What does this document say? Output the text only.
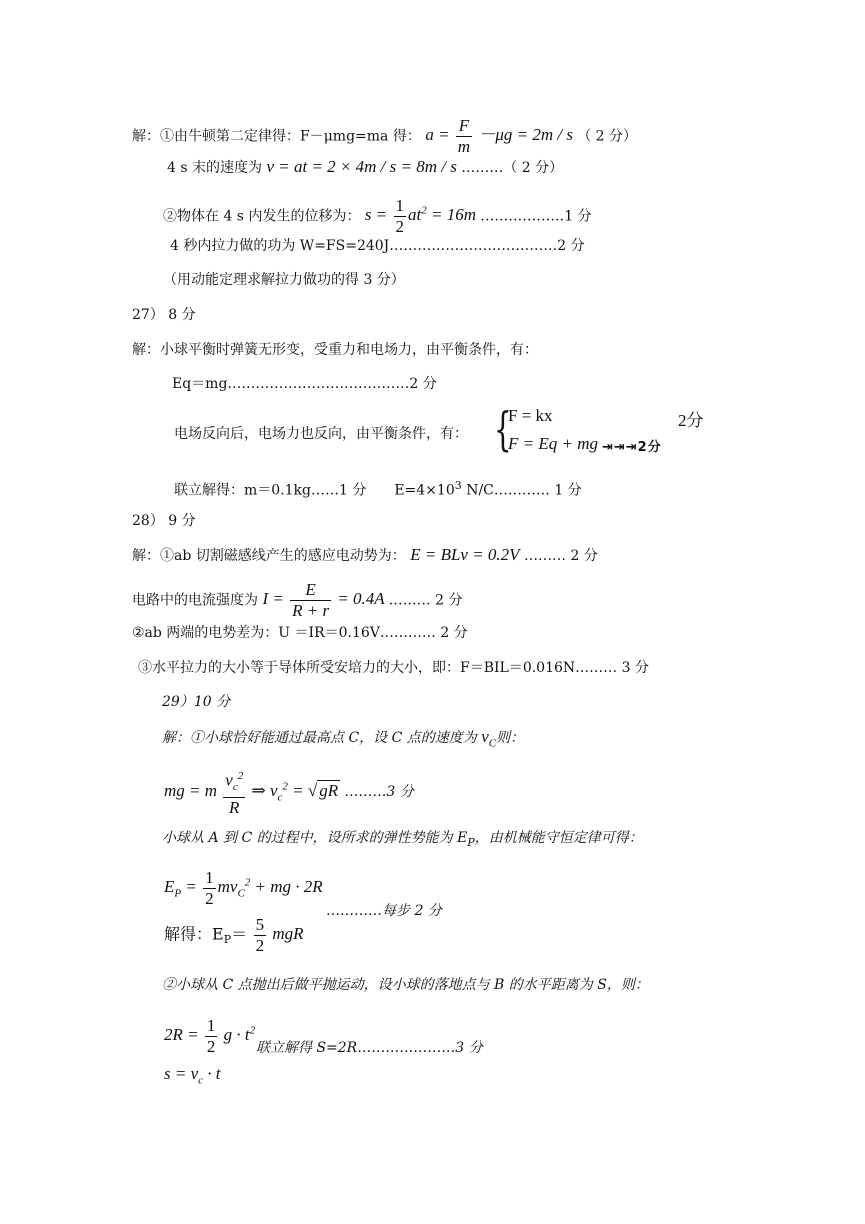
解：①由牛顿第二定律得：F－μmg=ma 得： $a = \frac{F}{m} -\mu g = 2m / s$ （ 2 分）
4 s 末的速度为 v = at = 2 × 4m / s = 8m / s ………（ 2 分）
②物体在 4 s 内发生的位移为： $s = \frac{1}{2} at^2 = 16m$ ………………1 分
4 秒内拉力做的功为 W=FS=240J………………………………2 分
（用动能定理求解拉力做功的得 3 分）
27） 8 分
解：小球平衡时弹簧无形变，受重力和电场力，由平衡条件，有：
Eq＝mg…………………………………2 分
电场反向后，电场力也反向，由平衡条件，有： {
F = kx	2分
F = Eq + mg ⇥⇥⇥2分
联立解得：m＝0.1kg……1 分　　$E=4\times 10^3$ N/C………… 1 分
28） 9 分
解：①ab 切割磁感线产生的感应电动势为： E = BLv = 0.2V ……… 2 分
电路中的电流强度为 $I = \frac{E}{R + r} = 0.4A$ ……… 2 分
②ab 两端的电势差为：U ＝IR＝0.16V………… 2 分
③水平拉力的大小等于导体所受安培力的大小，即：F＝BIL＝0.016N……… 3 分
29）10 分
解：①小球恰好能通过最高点 C，设 C 点的速度为 $v_C$则：
mg = m $\frac{v_c^2}{R}$ ⇒ $v_c^2$ = √ gR ………3 分
小球从 A 到 C 的过程中，设所求的弹性势能为 $E_P$，由机械能守恒定律可得：
$E_P = \frac{1}{2} mv_C^2$ + mg · 2R
…………每步 2 分
解得：$E_P= \frac{5}{2}$ mgR
②小球从 C 点抛出后做平抛运动，设小球的落地点与 B 的水平距离为 S，则：
$2R = \frac{1}{2}$ $g \cdot t^2$
联立解得 S=2R…………………3 分
$s = v_c \cdot t$
